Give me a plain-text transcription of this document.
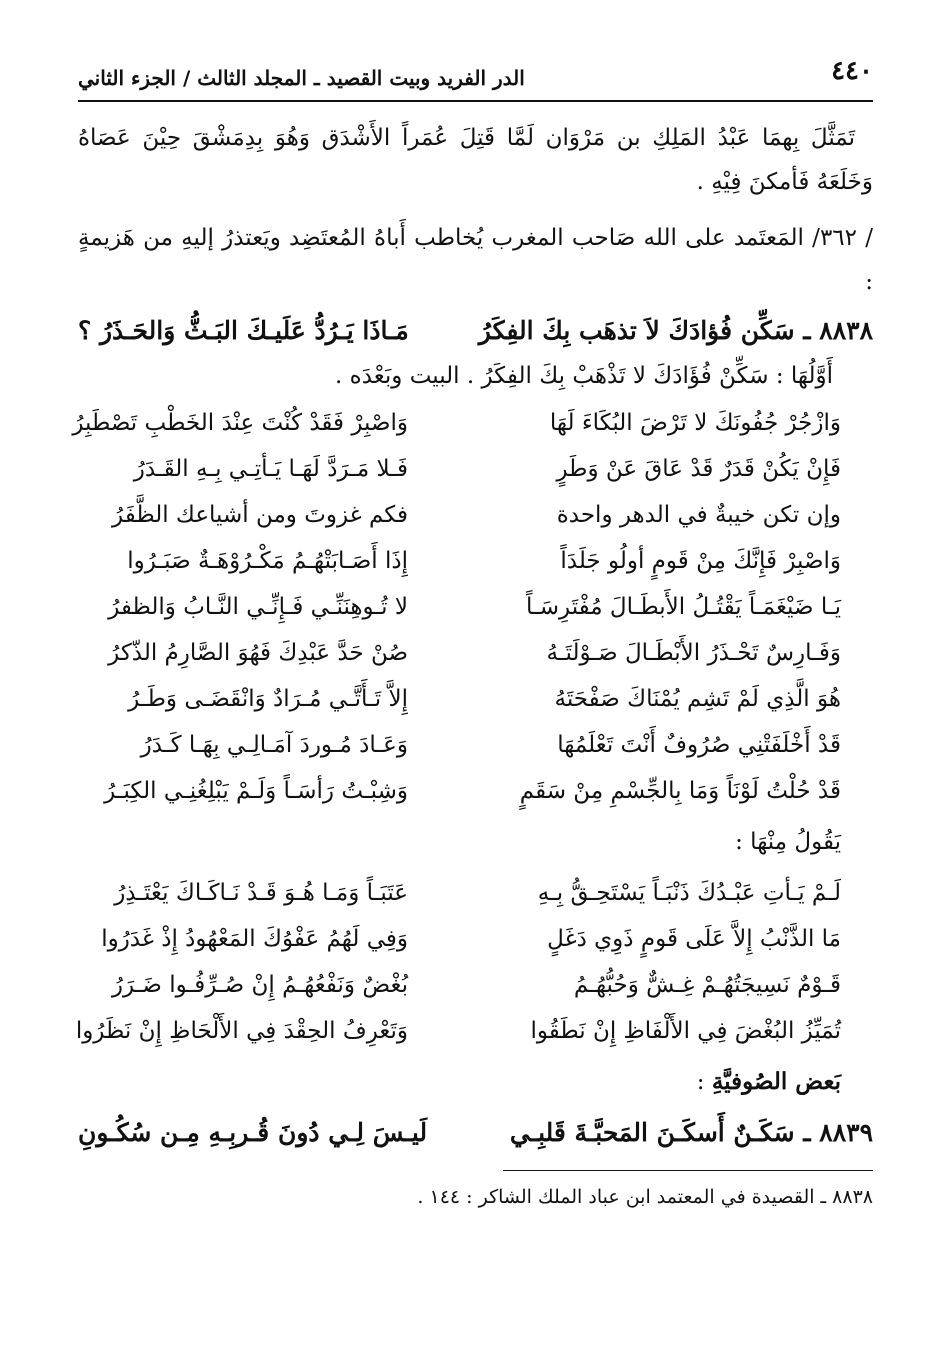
٤٤٠
الدر الفريد وبيت القصيد ـ المجلد الثالث / الجزء الثاني
تَمَثَّلَ بِهمَا عَبْدُ المَلِكِ بن مَرْوَان لَمَّا قَتِلَ عُمَراً الأَشْدَق وَهُوَ بِدِمَشْقَ حِيْنَ عَصَاهُ وَخَلَعَهُ فَأمكنَ فِيْهِ .
/ ٣٦٢/ المَعتَمد على الله صَاحب المغرب يُخاطب أَباهُ المُعتَضِد ويَعتذرُ إليهِ من هَزيمةٍ :
٨٨٣٨ ـ سَكِّن فُؤادَكَ لاَ تذهَب بِكَ الفِكَرُ
مَـاذَا يَـرُدُّ عَلَيـكَ البَـثُّ وَالحَـذَرُ ؟
أَوَّلُهَا : سَكِّنْ فُؤَادَكَ لا تَذْهَبْ بِكَ الفِكَرُ . البيت وبَعْدَه .
وَازْجُرْ جُفُونَكَ لا تَرْضَ البُكَاءَ لَهَا
وَاصْبِرْ فَقَدْ كُنْتَ عِنْدَ الخَطْبِ تَصْطَبِرُ
فَإِنْ يَكُنْ قَدَرٌ قَدْ عَاقَ عَنْ وَطَرٍ
فَـلا مَـرَدَّ لَهَـا يَـأتِـي بِـهِ القَـدَرُ
وإن تكن خيبةٌ في الدهر واحدة
فكم غزوتَ ومن أشياعك الظَّفَرُ
وَاصْبِرْ فَإِنَّكَ مِنْ قَومٍ أولُو جَلَدَاً
إِذَا أَصَـابَتْهُـمُ مَكْـرُوْهَـةٌ صَبَـرُوا
يَـا ضَيْغَمَـاً يَقْتُـلُ الأَبطَـالَ مُفْتَرِسَـاً
لا تُـوهِنَنِّـي فَـإِنِّـي النَّـابُ وَالظفرُ
وَفَـارِسٌ تَحْـذَرُ الأَبْطَـالَ صَـوْلَتَـهُ
صُنْ حَدَّ عَبْدِكَ فَهُوَ الصَّارِمُ الذّكرُ
هُوَ الَّذِي لَمْ تَشِم يُمْنَاكَ صَفْحَتَهُ
إِلاَّ تَـأَتَّـي مُـرَادٌ وَانْقَضَـى وَطَـرُ
قَدْ أَخْلَفَتْنِي صُرُوفٌ أَنْتَ تَعْلَمُهَا
وَعَـادَ مُـوردَ آمَـالِـي بِهَـا كَـدَرُ
قَدْ حُلْتُ لَوْنَاً وَمَا بِالجِّسْمِ مِنْ سَقَمٍ
وَشِبْـتُ رَأسَـاً وَلَـمْ يَبْلِغُنِـي الكِبَـرُ
يَقُولُ مِنْهَا :
لَـمْ يَـأتِ عَبْـدُكَ ذَنْبَـاً يَسْتَحِـقُّ بِـهِ
عَتَبَـاً وَمَـا هُـوَ قَـدْ نَـاكَـاكَ يَعْتَـذِرُ
مَا الذَّنْبُ إِلاَّ عَلَى قَومٍ ذَوِي دَغَلٍ
وَفِي لَهُمُ عَفْوُكَ المَعْهُودُ إِذْ غَدَرُوا
قَـوْمٌ نَسِيجَتُهُـمْ غِـشٌّ وَحُبُّهُـمُ
بُغْضٌ وَنَفْعُهُـمُ إِنْ صُـرِّفُـوا ضَـرَرُ
تُمَيِّزُ البُغْضَ فِي الأَلْفَاظِ إِنْ نَطَقُوا
وَتَعْرِفُ الحِقْدَ فِي الأَلْحَاظِ إِنْ نَظَرُوا
بَعض الصُوفيَّةِ :
٨٨٣٩ ـ سَكَـنٌ أَسكَـنَ المَحبَّـةَ قَلبِـي
لَيـسَ لِـي دُونَ قُـربِـهِ مِـن سُكُـونِ
٨٨٣٨ ـ القصيدة في المعتمد ابن عباد الملك الشاكر : ١٤٤ .
